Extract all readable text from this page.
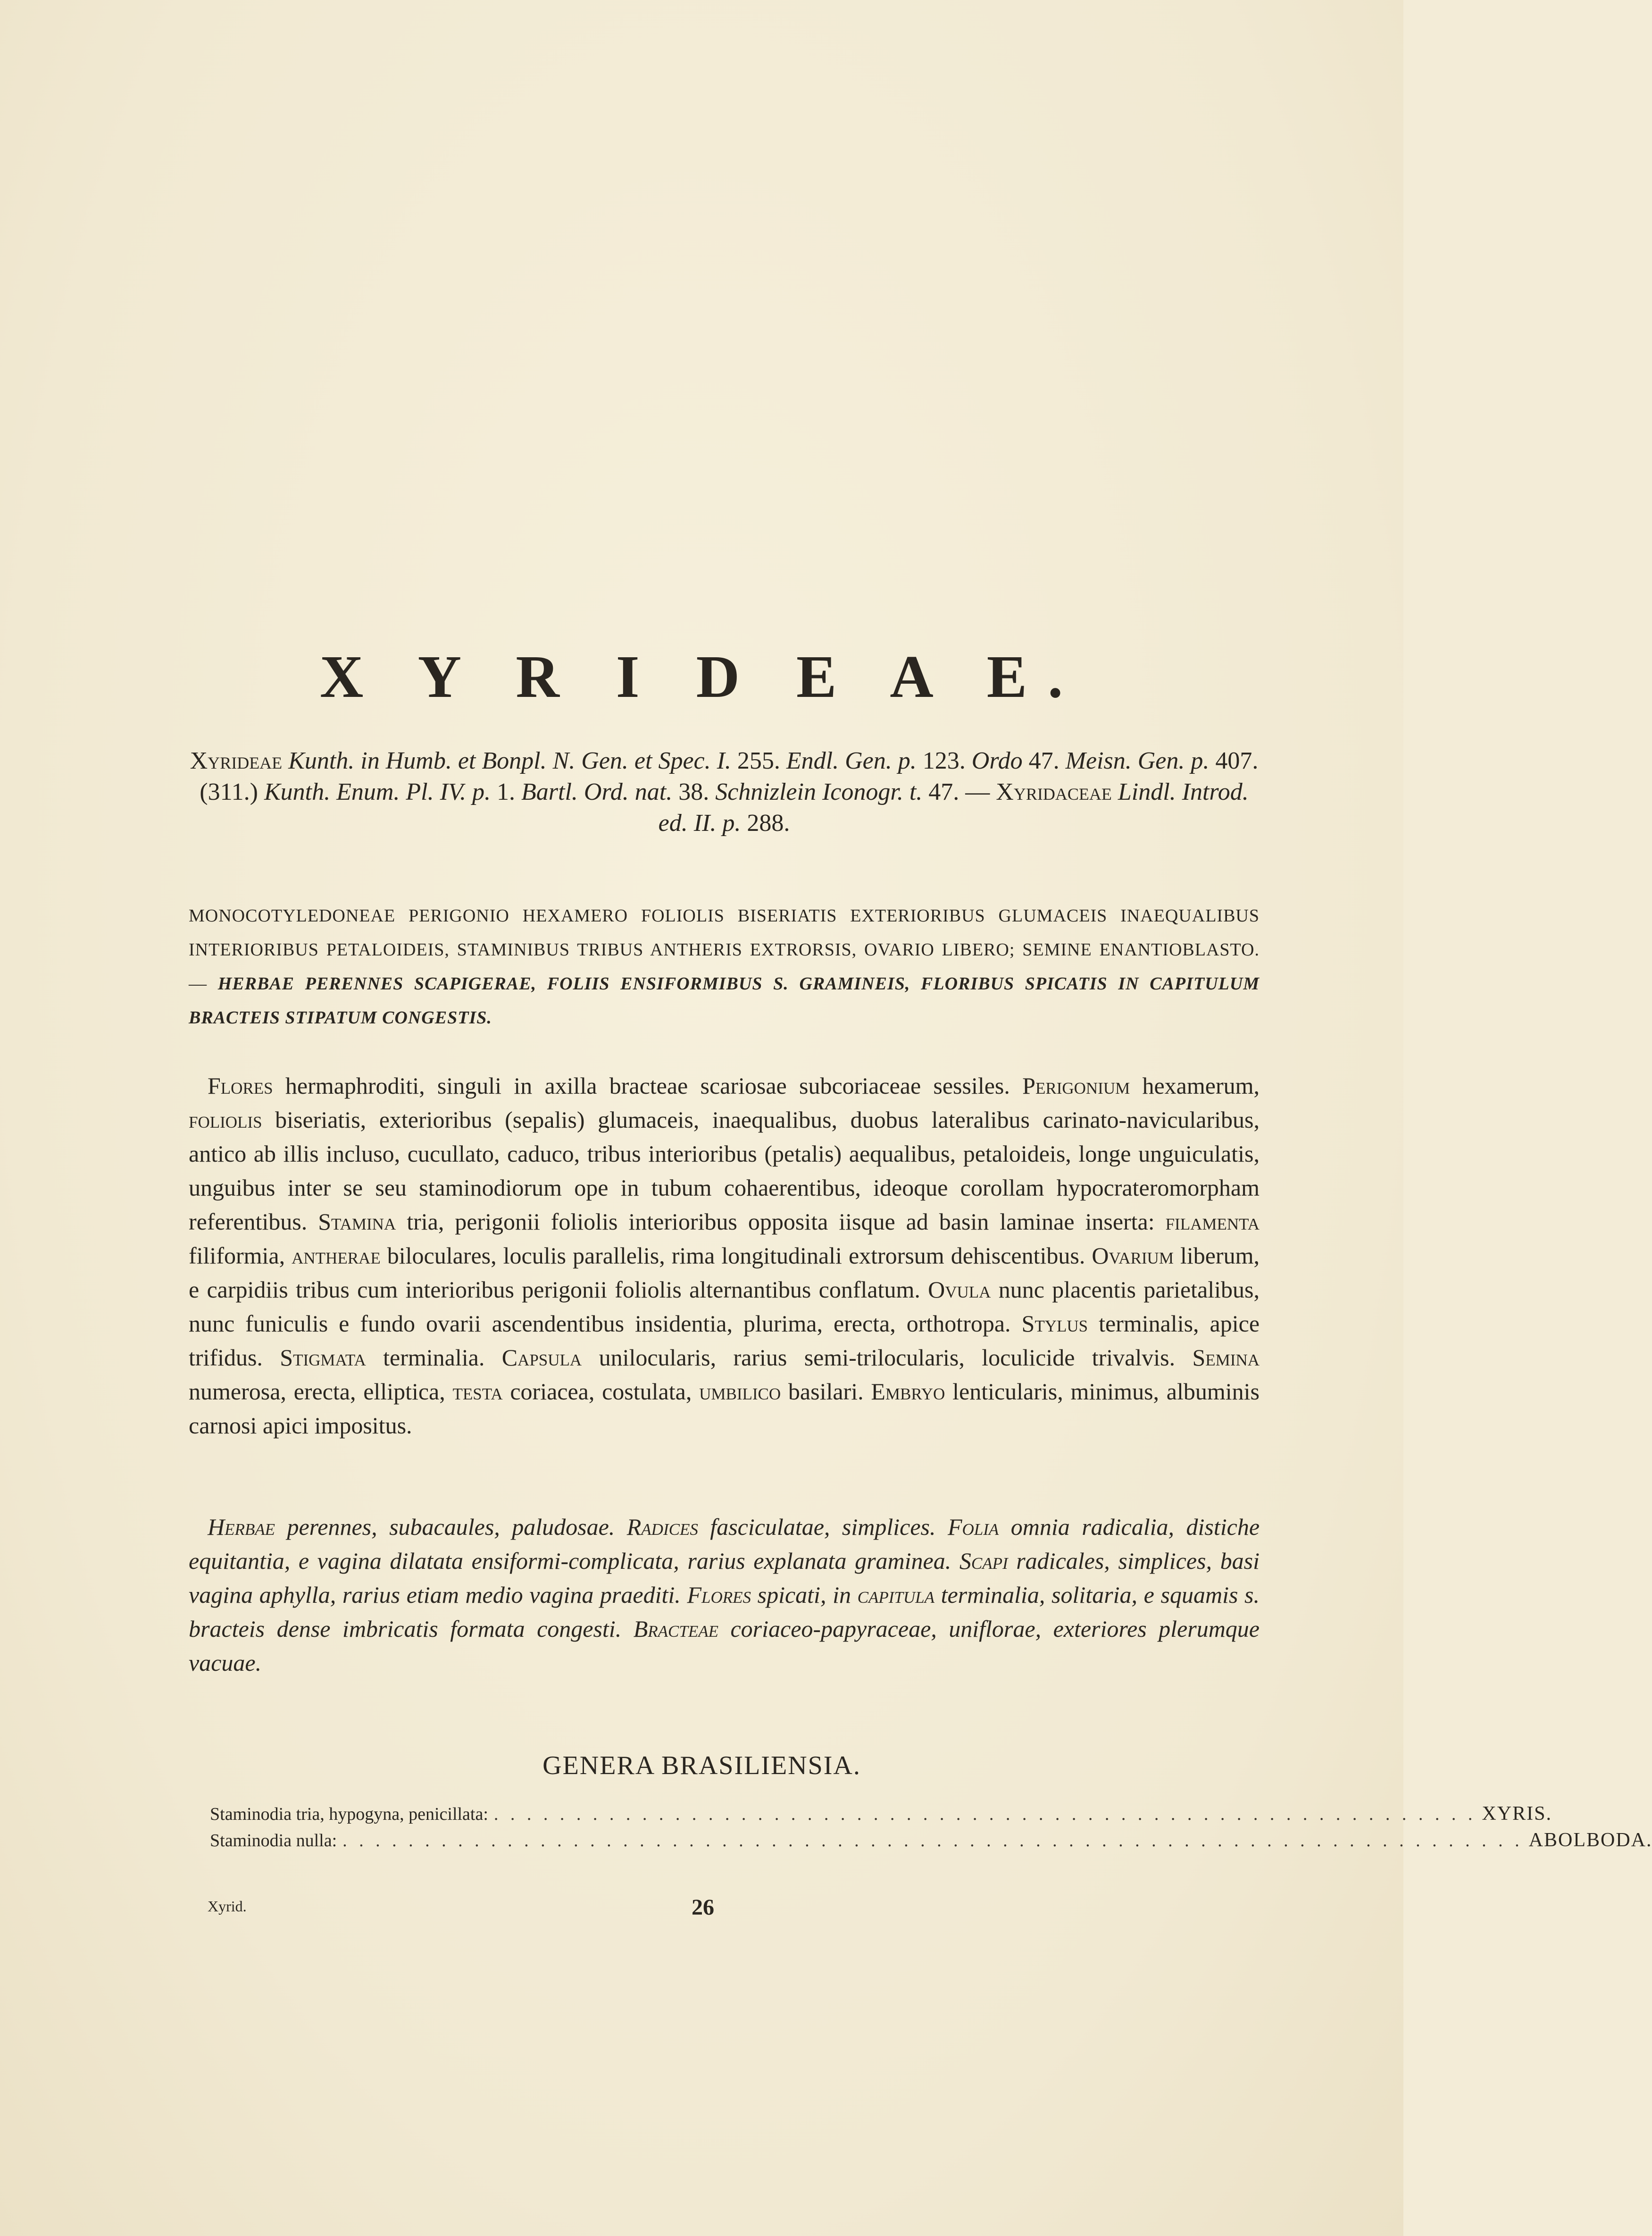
X Y R I D E A E.
Xyrideae Kunth. in Humb. et Bonpl. N. Gen. et Spec. I. 255. Endl. Gen. p. 123. Ordo 47. Meisn. Gen. p. 407. (311.) Kunth. Enum. Pl. IV. p. 1. Bartl. Ord. nat. 38. Schnizlein Iconogr. t. 47. — Xyridaceae Lindl. Introd. ed. II. p. 288.
MONOCOTYLEDONEAE PERIGONIO HEXAMERO FOLIOLIS BISERIATIS EXTERIORIBUS GLUMACEIS INAEQUALIBUS INTERIORIBUS PETALOIDEIS, STAMINIBUS TRIBUS ANTHERIS EXTRORSIS, OVARIO LIBERO; SEMINE ENANTIOBLASTO. — HERBAE PERENNES SCAPIGERAE, FOLIIS ENSIFORMIBUS S. GRAMINEIS, FLORIBUS SPICATIS IN CAPITULUM BRACTEIS STIPATUM CONGESTIS.
Flores hermaphroditi, singuli in axilla bracteae scariosae subcoriaceae sessiles. Perigonium hexamerum, foliolis biseriatis, exterioribus (sepalis) glumaceis, inaequalibus, duobus lateralibus carinato-navicularibus, antico ab illis incluso, cucullato, caduco, tribus interioribus (petalis) aequalibus, petaloideis, longe unguiculatis, unguibus inter se seu staminodiorum ope in tubum cohaerentibus, ideoque corollam hypocrateromorpham referentibus. Stamina tria, perigonii foliolis interioribus opposita iisque ad basin laminae inserta: filamenta filiformia, antherae biloculares, loculis parallelis, rima longitudinali extrorsum dehiscentibus. Ovarium liberum, e carpidiis tribus cum interioribus perigonii foliolis alternantibus conflatum. Ovula nunc placentis parietalibus, nunc funiculis e fundo ovarii ascendentibus insidentia, plurima, erecta, orthotropa. Stylus terminalis, apice trifidus. Stigmata terminalia. Capsula unilocularis, rarius semi-trilocularis, loculicide trivalvis. Semina numerosa, erecta, elliptica, testa coriacea, costulata, umbilico basilari. Embryo lenticularis, minimus, albuminis carnosi apici impositus.
Herbae perennes, subacaules, paludosae. Radices fasciculatae, simplices. Folia omnia radicalia, distiche equitantia, e vagina dilatata ensiformi-complicata, rarius explanata graminea. Scapi radicales, simplices, basi vagina aphylla, rarius etiam medio vagina praediti. Flores spicati, in capitula terminalia, solitaria, e squamis s. bracteis dense imbricatis formata congesti. Bracteae coriaceo-papyraceae, uniflorae, exteriores plerumque vacuae.
GENERA BRASILIENSIA.
Staminodia tria, hypogyna, penicillata: . . . . . . . . . . . . . . . . . . . . . . . . . . . . . . . . . . . . . . . . . . . . . . . . . . . . . . . . . . . . XYRIS.
Staminodia nulla: . . . . . . . . . . . . . . . . . . . . . . . . . . . . . . . . . . . . . . . . . . . . . . . . . . . . . . . . . . . . . . . . . . . . . . . . ABOLBODA.
Xyrid.	26
